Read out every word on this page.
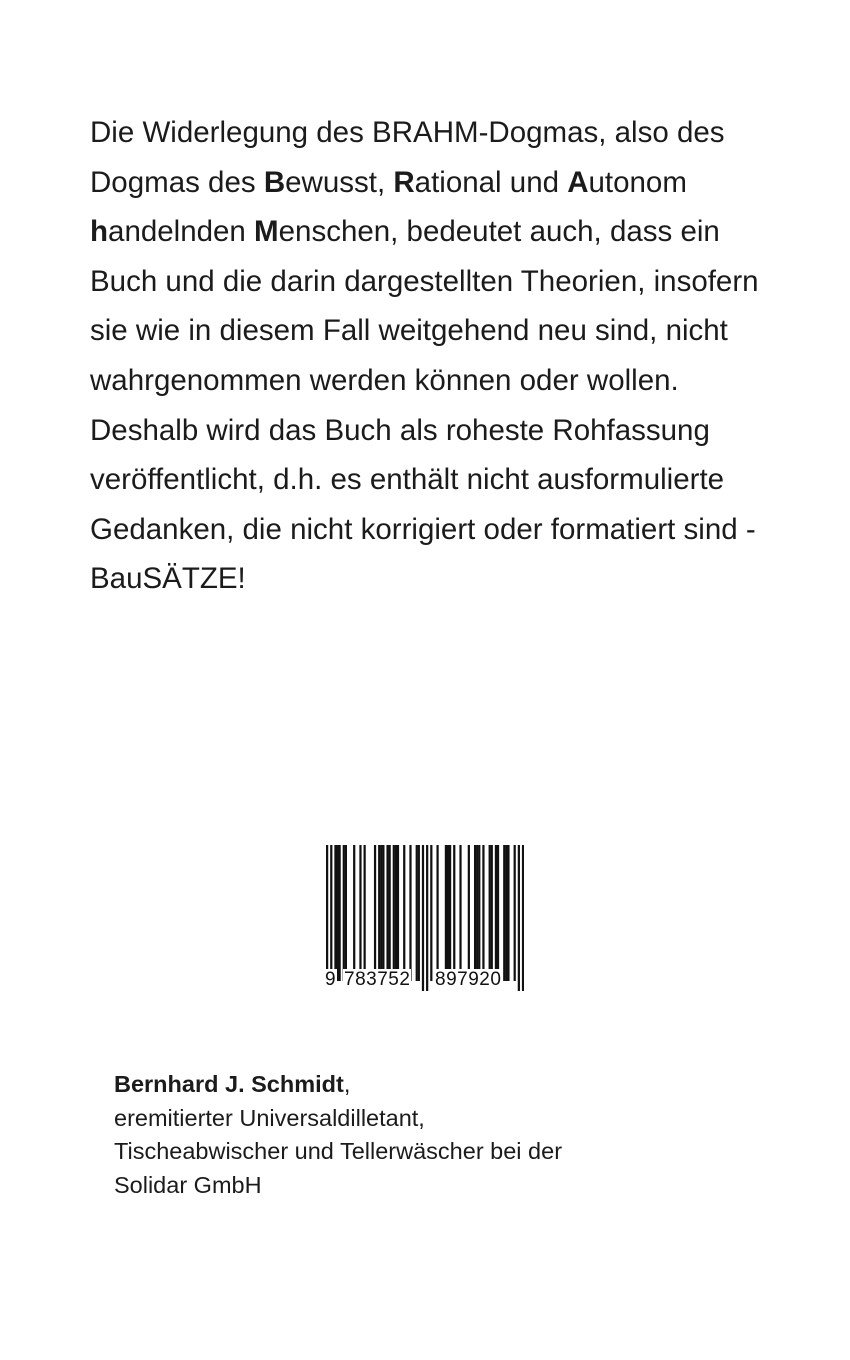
Die Widerlegung des BRAHM-Dogmas, also des Dogmas des Bewusst, Rational und Autonom handelnden Menschen, bedeutet auch, dass ein Buch und die darin dargestellten Theorien, insofern sie wie in diesem Fall weitgehend neu sind, nicht wahrgenommen werden können oder wollen. Deshalb wird das Buch als roheste Rohfassung veröffentlicht, d.h. es enthält nicht ausformulierte Gedanken, die nicht korrigiert oder formatiert sind - BauSÄTZE!

9 783752 897920
Bernhard J. Schmidt,
eremitierter Universaldilletant,
Tischeabwischer und Tellerwäscher bei der
Solidar GmbH
